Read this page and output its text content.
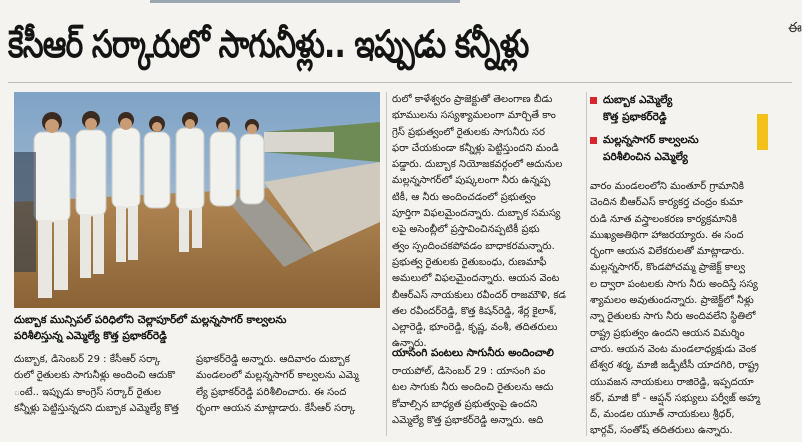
కేసీఆర్ సర్కారులో సాగునీళ్లు.. ఇప్పుడు కన్నీళ్లు	ఈ
దుబ్బాక మున్సిపల్ పరిధిలోని చెల్లాపూర్‌లో మల్లన్నసాగర్ కాల్వలను
పరిశీలిస్తున్న ఎమ్మెల్యే కొత్త ప్రభాకర్‌రెడ్డి
దుబ్బాక, డిసెంబర్ 29 : కేసీఆర్ సర్కా
రులో రైతులకు సాగునీళ్లు అందించి ఆదుకొ
ంటే.. ఇప్పుడు కాంగ్రెస్ సర్కార్ రైతుల
కన్నీళ్లు పెట్టిస్తున్నదని దుబ్బాక ఎమ్మెల్యే కొత్త
ప్రభాకర్‌రెడ్డి అన్నారు. ఆదివారం దుబ్బాక
మండలంలో మల్లన్నసాగర్ కాల్వలను ఎమ్మె
ల్యే ప్రభాకర్‌రెడ్డి పరిశీలించారు. ఈ సంద
ర్భంగా ఆయన మాట్లాడారు. కేసీఆర్ సర్కా
రులో కాళేశ్వరం ప్రాజెక్టుతో తెలంగాణ బీడు
భూములను సస్యశ్యామలంగా మార్చితే కాం
గ్రెస్ ప్రభుత్వంలో రైతులకు సాగునీరు సర
ఫరా చేయకుండా కన్నీళ్లు పెట్టిస్తుందని మండి
పడ్డారు. దుబ్బాక నియోజకవర్గంలో ఆదునుల
మల్లన్నసాగర్‌లో పుష్కలంగా నీరు ఉన్నప్ప
టికీ, ఆ నీరు అందించడంలో ప్రభుత్వం
పూర్తిగా విఫలమైందన్నారు. దుబ్బాక సమస్య
లపై అసెంబ్లీలో ప్రస్తావించినప్పటికీ ప్రభు
త్వం స్పందించకపోవడం బాధాకరమన్నారు.
ప్రభుత్వ రైతులకు రైతుబంధు, రుణమాఫీ
అమలులో విఫలమైందన్నారు. ఆయన వెంట
బీఆర్‌ఎస్ నాయకులు రవీందర్ రాజమౌళి, కడ
తల రవీందర్‌రెడ్డి, కొత్త కిషన్‌రెడ్డి, శేర్ల కైలాశ్,
ఎల్లారెడ్డి, భూంరెడ్డి, కృష్ణ, వంశీ, తదితరులు
ఉన్నారు.
యాసంగి పంటలు సాగునీరు అందించాలి
రాయపోల్, డిసెంబర్ 29 : యాసంగి పం
టల సాగుకు నీరు అందించి రైతులను ఆదు
కోవాల్సిన బాధ్యత ప్రభుత్వంపై ఉందని
ఎమ్మెల్యే కొత్త ప్రభాకర్‌రెడ్డి అన్నారు. ఆది
దుబ్బాక ఎమ్మెల్యే
కొత్త ప్రభాకర్‌రెడ్డి
మల్లన్నసాగర్ కాల్వలను
పరిశీలించిన ఎమ్మెల్యే
వారం మండలంలోని మంతూర్ గ్రామానికి
చెందిన బీఆర్‌ఎస్ కార్యకర్త చంద్రం కుమా
రుడి నూత వస్త్రాలంకరణ కార్యక్రమానికి
ముఖ్యఅతిథిగా హాజరయ్యారు. ఈ సంద
ర్భంగా ఆయన విలేకరులతో మాట్లాడారు.
మల్లన్నసాగర్, కొండపోచమ్మ ప్రాజెక్ట్ కాల్వ
ల ద్వారా పంటలకు సాగు నీరు అందిస్తే సస్య
శ్యామలం అవుతుందన్నారు. ప్రాజెక్ట్‌లో నీళ్లు
న్నా రైతులకు సాగు నీరు అందివలేని స్థితిలో
రాష్ట్ర ప్రభుత్వం ఉందని ఆయన విమర్శిం
చారు. ఆయన వెంట మండలాధ్యక్షుడు వెంక
టేశ్వర శర్మ, మాజీ జడ్పీటీసీ యాదగిరి, రాష్ట్ర
యువజన నాయకులు రాజిరెడ్డి, ఇప్పదయా
కర్, మాజీ కో - ఆప్షన్ సభ్యులు పర్వీజ్ అహ్మ
ద్, మండల యూత్ నాయకులు శ్రీధర్,
భార్గవ్, సంతోష్ తదితరులు ఉన్నారు.
